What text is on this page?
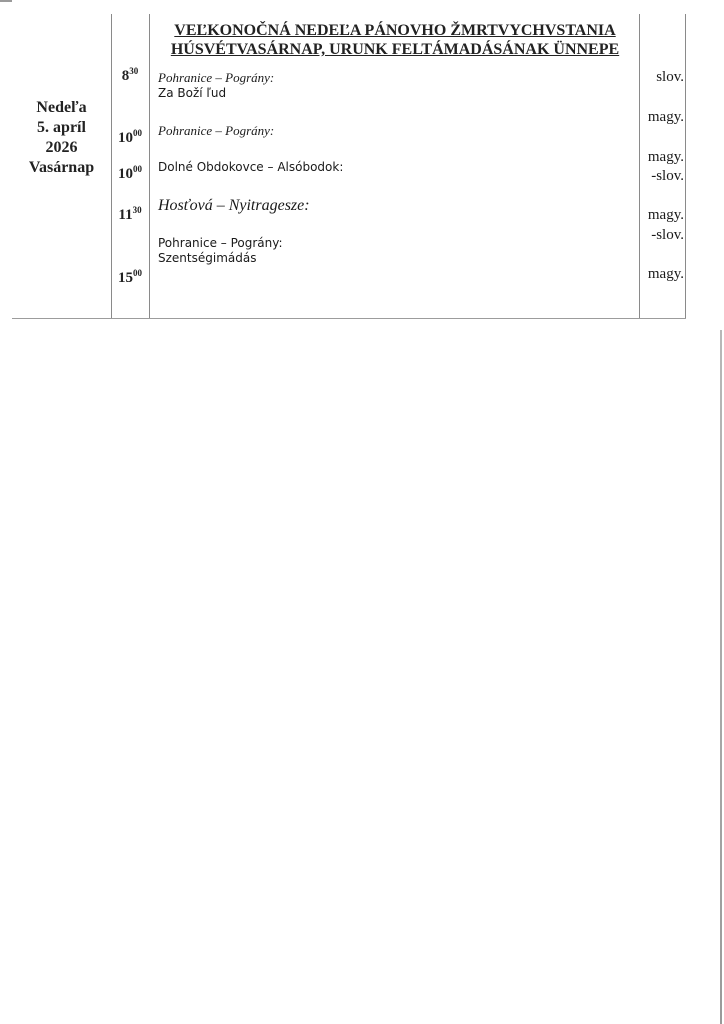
Nedeľa
5. apríl
2026
Vasárnap
VEĽKONOČNÁ NEDEĽA PÁNOVHO ŽMRTVYCHVSTANIA
HÚSVÉTVASÁRNAP, URUNK FELTÁMADÁSÁNAK ÜNNEPE
$8^{30}$
$10^{00}$
$10^{00}$
$11^{30}$
$15^{00}$
Pohranice – Pográny:
Za Boží ľud
Pohranice – Pográny:
Dolné Obdokovce – Alsóbodok:
Hosťová – Nyitragesze:
Pohranice – Pográny:
Szentségimádás
slov.
magy.
magy.
-slov.
magy.
-slov.
magy.
